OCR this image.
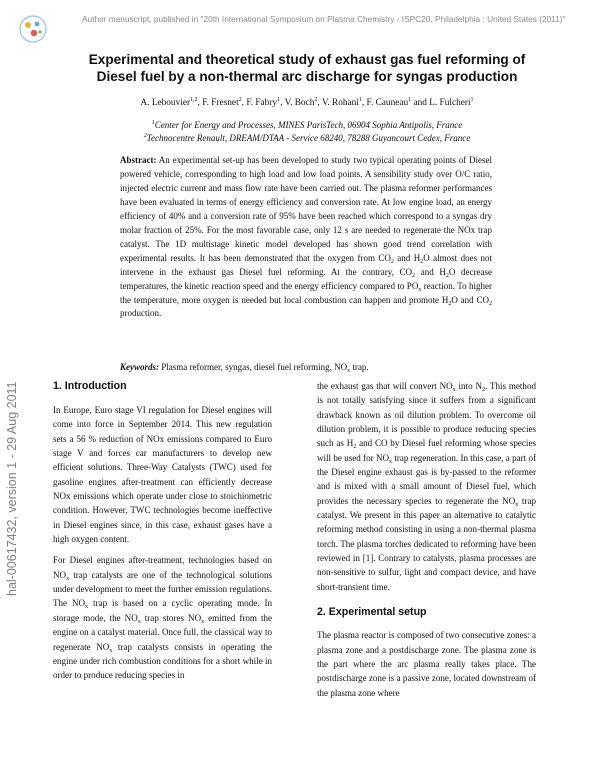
Author manuscript, published in "20th International Symposium on Plasma Chemistry - ISPC20, Philadelphia : United States (2011)"
hal-00617432, version 1 - 29 Aug 2011
Experimental and theoretical study of exhaust gas fuel reforming of Diesel fuel by a non-thermal arc discharge for syngas production
A. Lebouvier$^{1,2}$, F. Fresnet$^2$, F. Fabry$^1$, V. Boch$^2$, V. Rohani$^1$, F. Cauneau$^1$ and L. Fulcheri$^1$
$^1$Center for Energy and Processes, MINES ParisTech, 06904 Sophia Antipolis, France
$^2$Technocentre Renault, DREAM/DTAA - Service 68240, 78288 Guyancourt Cedex, France

Abstract: An experimental set-up has been developed to study two typical operating points of Diesel powered vehicle, corresponding to high load and low load points. A sensibility study over O/C ratio, injected electric current and mass flow rate have been carried out. The plasma reformer performances have been evaluated in terms of energy efficiency and conversion rate. At low engine load, an energy efficiency of 40% and a conversion rate of 95% have been reached which correspond to a syngas dry molar fraction of 25%. For the most favorable case, only 12 s are needed to regenerate the NOx trap catalyst. The 1D multistage kinetic model developed has shown good trend correlation with experimental results. It has been demonstrated that the oxygen from $CO_2$ and $H_2O$ almost does not intervene in the exhaust gas Diesel fuel reforming. At the contrary, $CO_2$ and $H_2O$ decrease temperatures, the kinetic reaction speed and the energy efficiency compared to $PO_x$ reaction. To higher the temperature, more oxygen is needed but local combustion can happen and promote $H_2O$ and $CO_2$ production.

Keywords: Plasma reformer, syngas, diesel fuel reforming, $NO_x$ trap.

1. Introduction

In Europe, Euro stage VI regulation for Diesel engines will come into force in September 2014. This new regulation sets a 56 % reduction of NOx emissions compared to Euro stage V and forces car manufacturers to develop new efficient solutions. Three-Way Catalysts (TWC) used for gasoline engines after-treatment can efficiently decrease NOx emissions which operate under close to stoichiometric condition. However, TWC technologies become ineffective in Diesel engines since, in this case, exhaust gases have a high oxygen content.

For Diesel engines after-treatment, technologies based on $NO_x$ trap catalysts are one of the technological solutions under development to meet the further emission regulations. The $NO_x$ trap is based on a cyclic operating mode. In storage mode, the $NO_x$ trap stores $NO_x$ emitted from the engine on a catalyst material. Once full, the classical way to regenerate $NO_x$ trap catalysts consists in operating the engine under rich combustion conditions for a short while in order to produce reducing species in

the exhaust gas that will convert $NO_x$ into $N_2$. This method is not totally satisfying since it suffers from a significant drawback known as oil dilution problem. To overcome oil dilution problem, it is possible to produce reducing species such as $H_2$ and CO by Diesel fuel reforming whose species will be used for $NO_x$ trap regeneration. In this case, a part of the Diesel engine exhaust gas is by-passed to the reformer and is mixed with a small amount of Diesel fuel, which provides the necessary species to regenerate the $NO_x$ trap catalyst. We present in this paper an alternative to catalytic reforming method consisting in using a non-thermal plasma torch. The plasma torches dedicated to reforming have been reviewed in [1]. Contrary to catalysts, plasma processes are non-sensitive to sulfur, light and compact device, and have short-transient time.

2. Experimental setup

The plasma reactor is composed of two consecutive zones: a plasma zone and a postdischarge zone. The plasma zone is the part where the arc plasma really takes place. The postdischarge zone is a passive zone, located downstream of the plasma zone where
